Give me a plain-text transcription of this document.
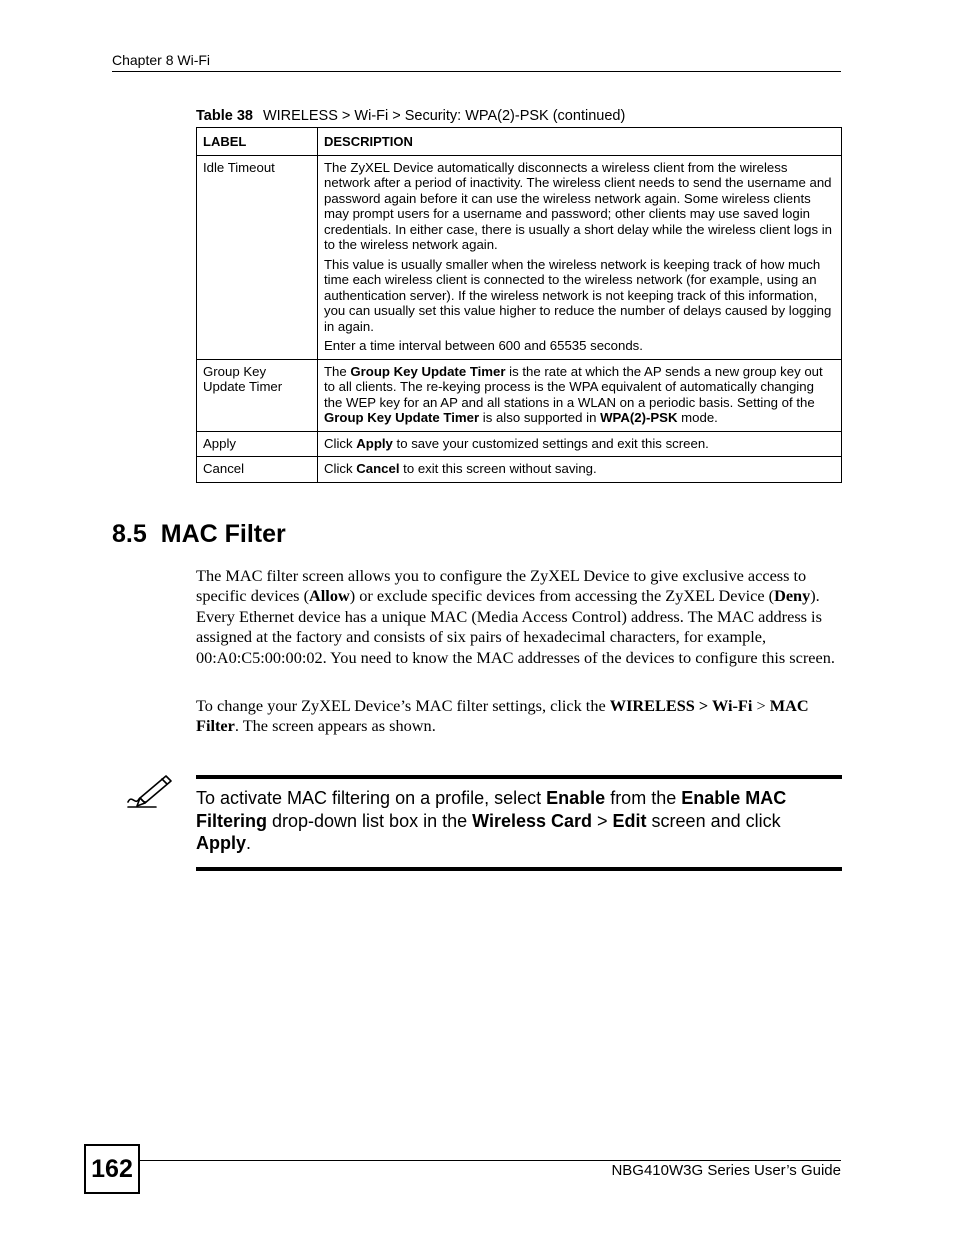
Chapter 8 Wi-Fi
Table 38 WIRELESS > Wi-Fi > Security: WPA(2)-PSK (continued)
LABEL	DESCRIPTION
Idle Timeout	The ZyXEL Device automatically disconnects a wireless client from the wireless network after a period of inactivity. The wireless client needs to send the username and password again before it can use the wireless network again. Some wireless clients may prompt users for a username and password; other clients may use saved login credentials. In either case, there is usually a short delay while the wireless client logs in to the wireless network again.

This value is usually smaller when the wireless network is keeping track of how much time each wireless client is connected to the wireless network (for example, using an authentication server). If the wireless network is not keeping track of this information, you can usually set this value higher to reduce the number of delays caused by logging in again.

Enter a time interval between 600 and 65535 seconds.

Group Key Update Timer	The Group Key Update Timer is the rate at which the AP sends a new group key out to all clients. The re-keying process is the WPA equivalent of automatically changing the WEP key for an AP and all stations in a WLAN on a periodic basis. Setting of the Group Key Update Timer is also supported in WPA(2)-PSK mode.
Apply	Click Apply to save your customized settings and exit this screen.
Cancel	Click Cancel to exit this screen without saving.
8.5 MAC Filter

The MAC filter screen allows you to configure the ZyXEL Device to give exclusive access to specific devices (Allow) or exclude specific devices from accessing the ZyXEL Device (Deny). Every Ethernet device has a unique MAC (Media Access Control) address. The MAC address is assigned at the factory and consists of six pairs of hexadecimal characters, for example, 00:A0:C5:00:00:02. You need to know the MAC addresses of the devices to configure this screen.

To change your ZyXEL Device’s MAC filter settings, click the WIRELESS > Wi-Fi > MAC Filter. The screen appears as shown.

To activate MAC filtering on a profile, select Enable from the Enable MAC Filtering drop-down list box in the Wireless Card > Edit screen and click Apply.
162	NBG410W3G Series User’s Guide
